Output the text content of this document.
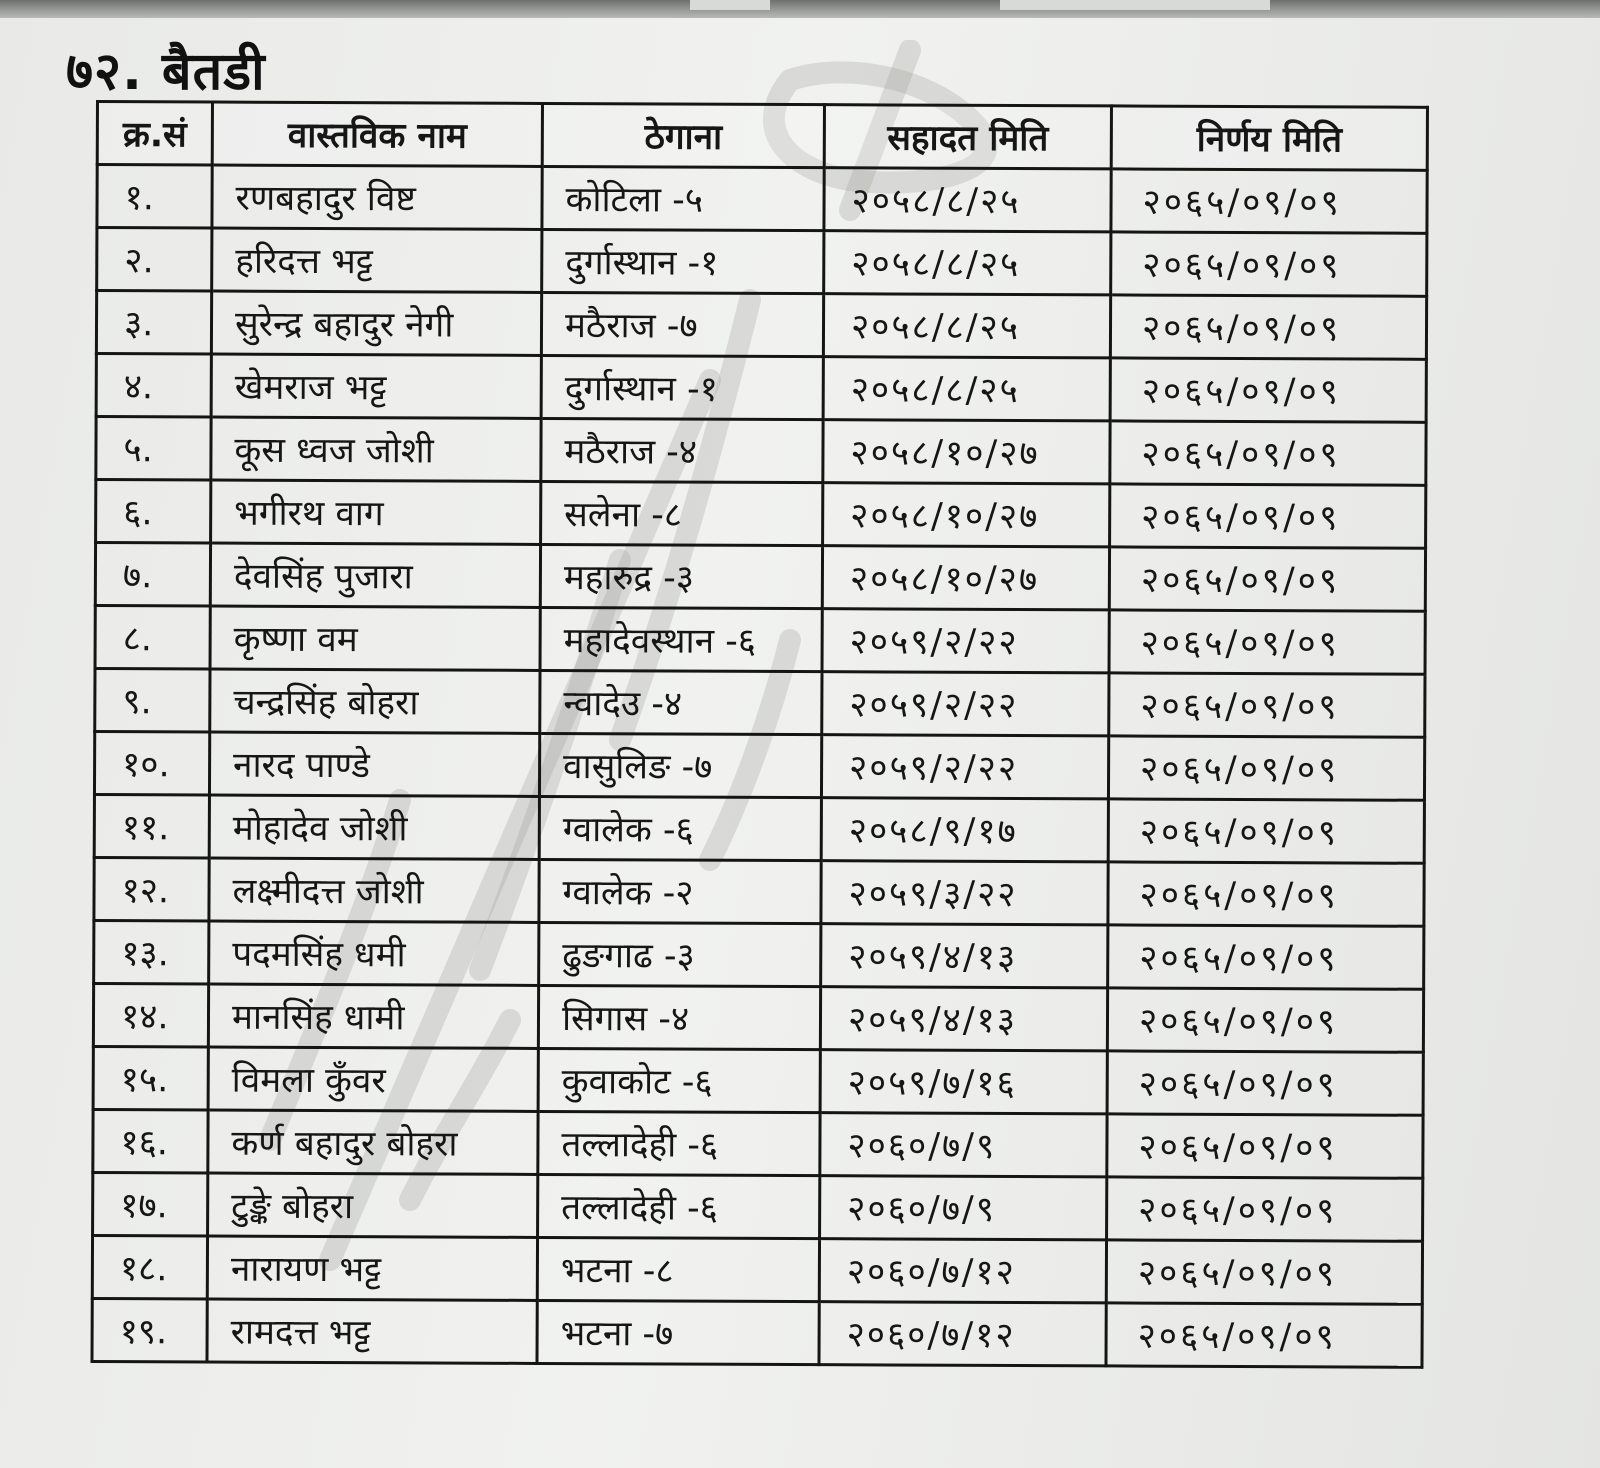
७२. बैतडी
क्र.सं	वास्तविक नाम	ठेगाना	सहादत मिति	निर्णय मिति
१.	रणबहादुर विष्ट	कोटिला -५	२०५८/८/२५	२०६५/०९/०९
२.	हरिदत्त भट्ट	दुर्गास्थान -१	२०५८/८/२५	२०६५/०९/०९
३.	सुरेन्द्र बहादुर नेगी	मठैराज -७	२०५८/८/२५	२०६५/०९/०९
४.	खेमराज भट्ट	दुर्गास्थान -१	२०५८/८/२५	२०६५/०९/०९
५.	कूस ध्वज जोशी	मठैराज -४	२०५८/१०/२७	२०६५/०९/०९
६.	भगीरथ वाग	सलेना -८	२०५८/१०/२७	२०६५/०९/०९
७.	देवसिंह पुजारा	महारुद्र -३	२०५८/१०/२७	२०६५/०९/०९
८.	कृष्णा वम	महादेवस्थान -६	२०५९/२/२२	२०६५/०९/०९
९.	चन्द्रसिंह बोहरा	न्वादेउ -४	२०५९/२/२२	२०६५/०९/०९
१०.	नारद पाण्डे	वासुलिङ -७	२०५९/२/२२	२०६५/०९/०९
११.	मोहादेव जोशी	ग्वालेक -६	२०५८/९/१७	२०६५/०९/०९
१२.	लक्ष्मीदत्त जोशी	ग्वालेक -२	२०५९/३/२२	२०६५/०९/०९
१३.	पदमसिंह धमी	ढुङगाढ -३	२०५९/४/१३	२०६५/०९/०९
१४.	मानसिंह धामी	सिगास -४	२०५९/४/१३	२०६५/०९/०९
१५.	विमला कुँवर	कुवाकोट -६	२०५९/७/१६	२०६५/०९/०९
१६.	कर्ण बहादुर बोहरा	तल्लादेही -६	२०६०/७/९	२०६५/०९/०९
१७.	टुङ्के बोहरा	तल्लादेही -६	२०६०/७/९	२०६५/०९/०९
१८.	नारायण भट्ट	भटना -८	२०६०/७/१२	२०६५/०९/०९
१९.	रामदत्त भट्ट	भटना -७	२०६०/७/१२	२०६५/०९/०९
